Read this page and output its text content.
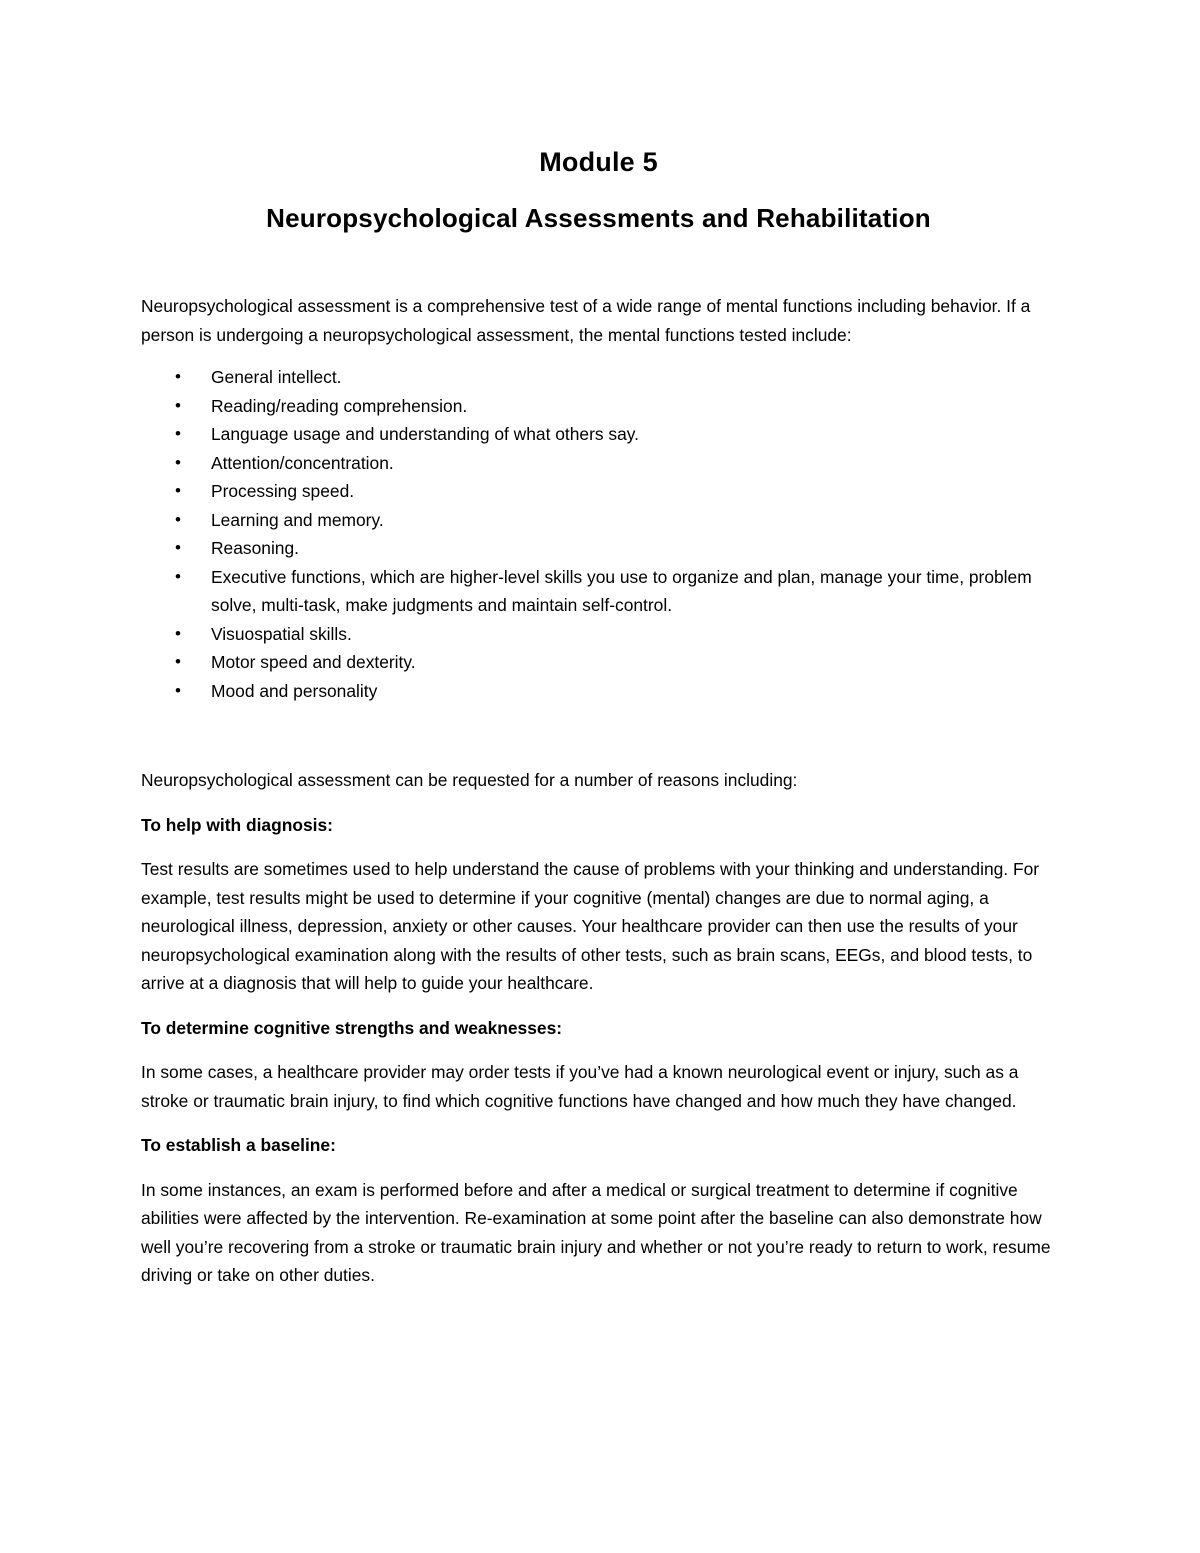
Module 5
Neuropsychological Assessments and Rehabilitation

Neuropsychological assessment is a comprehensive test of a wide range of mental functions including behavior. If a person is undergoing a neuropsychological assessment, the mental functions tested include:

• General intellect.
• Reading/reading comprehension.
• Language usage and understanding of what others say.
• Attention/concentration.
• Processing speed.
• Learning and memory.
• Reasoning.
• Executive functions, which are higher-level skills you use to organize and plan, manage your time, problem solve, multi-task, make judgments and maintain self-control.
• Visuospatial skills.
• Motor speed and dexterity.
• Mood and personality

Neuropsychological assessment can be requested for a number of reasons including:

To help with diagnosis:

Test results are sometimes used to help understand the cause of problems with your thinking and understanding. For example, test results might be used to determine if your cognitive (mental) changes are due to normal aging, a neurological illness, depression, anxiety or other causes. Your healthcare provider can then use the results of your neuropsychological examination along with the results of other tests, such as brain scans, EEGs, and blood tests, to arrive at a diagnosis that will help to guide your healthcare.

To determine cognitive strengths and weaknesses:

In some cases, a healthcare provider may order tests if you’ve had a known neurological event or injury, such as a stroke or traumatic brain injury, to find which cognitive functions have changed and how much they have changed.

To establish a baseline:

In some instances, an exam is performed before and after a medical or surgical treatment to determine if cognitive abilities were affected by the intervention. Re-examination at some point after the baseline can also demonstrate how well you’re recovering from a stroke or traumatic brain injury and whether or not you’re ready to return to work, resume driving or take on other duties.
